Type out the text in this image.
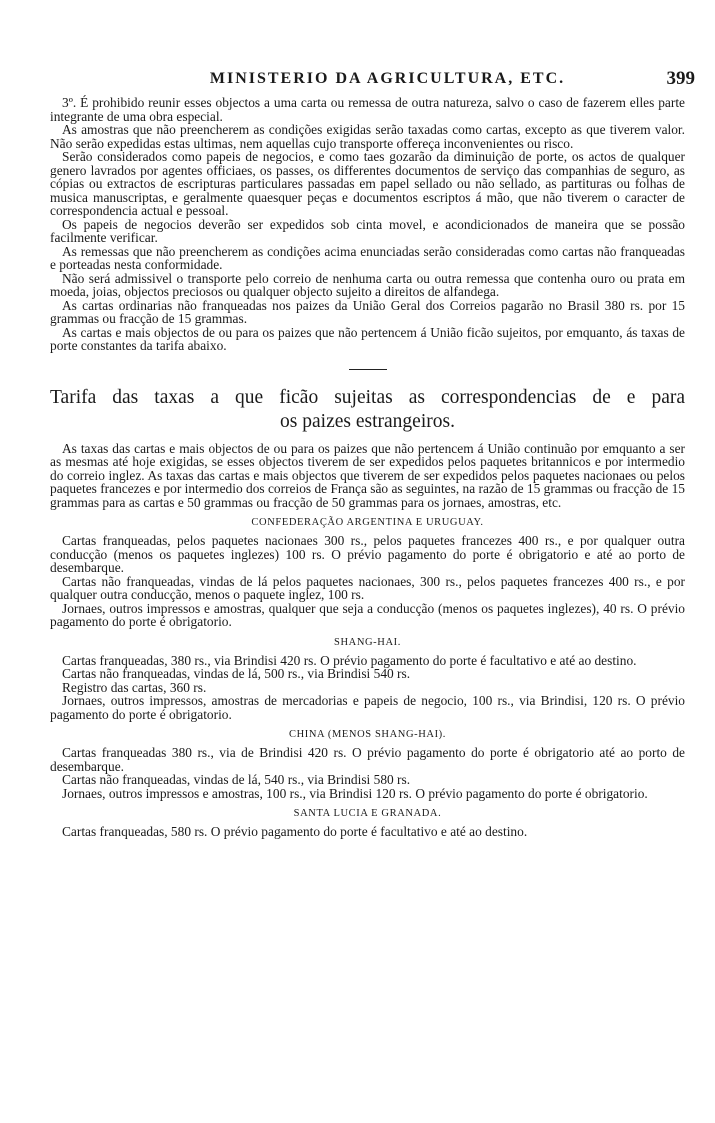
MINISTERIO DA AGRICULTURA, ETC.	399

3º. É prohibido reunir esses objectos a uma carta ou remessa de outra natureza, salvo o caso de fazerem elles parte integrante de uma obra especial.

As amostras que não preencherem as condições exigidas serão taxadas como cartas, excepto as que tiverem valor. Não serão expedidas estas ultimas, nem aquellas cujo transporte offereça inconvenientes ou risco.

Serão considerados como papeis de negocios, e como taes gozarão da diminuição de porte, os actos de qualquer genero lavrados por agentes officiaes, os passes, os differentes documentos de serviço das companhias de seguro, as cópias ou extractos de escripturas particulares passadas em papel sellado ou não sellado, as partituras ou folhas de musica manuscriptas, e geralmente quaesquer peças e documentos escriptos á mão, que não tiverem o caracter de correspondencia actual e pessoal.

Os papeis de negocios deverão ser expedidos sob cinta movel, e acondicionados de maneira que se possão facilmente verificar.

As remessas que não preencherem as condições acima enunciadas serão consideradas como cartas não franqueadas e porteadas nesta conformidade.

Não será admissivel o transporte pelo correio de nenhuma carta ou outra remessa que contenha ouro ou prata em moeda, joias, objectos preciosos ou qualquer objecto sujeito a direitos de alfandega.

As cartas ordinarias não franqueadas nos paizes da União Geral dos Correios pagarão no Brasil 380 rs. por 15 grammas ou fracção de 15 grammas.

As cartas e mais objectos de ou para os paizes que não pertencem á União ficão sujeitos, por emquanto, ás taxas de porte constantes da tarifa abaixo.

Tarifa das taxas a que ficão sujeitas as correspondencias de e para
os paizes estrangeiros.

As taxas das cartas e mais objectos de ou para os paizes que não pertencem á União continuão por emquanto a ser as mesmas até hoje exigidas, se esses objectos tiverem de ser expedidos pelos paquetes britannicos e por intermedio do correio inglez. As taxas das cartas e mais objectos que tiverem de ser expedidos pelos paquetes nacionaes ou pelos paquetes francezes e por intermedio dos correios de França são as seguintes, na razão de 15 grammas ou fracção de 15 grammas para as cartas e 50 grammas ou fracção de 50 grammas para os jornaes, amostras, etc.

CONFEDERAÇÃO ARGENTINA E URUGUAY.

Cartas franqueadas, pelos paquetes nacionaes 300 rs., pelos paquetes francezes 400 rs., e por qualquer outra conducção (menos os paquetes inglezes) 100 rs. O prévio pagamento do porte é obrigatorio e até ao porto de desembarque.

Cartas não franqueadas, vindas de lá pelos paquetes nacionaes, 300 rs., pelos paquetes francezes 400 rs., e por qualquer outra conducção, menos o paquete inglez, 100 rs.

Jornaes, outros impressos e amostras, qualquer que seja a conducção (menos os paquetes inglezes), 40 rs. O prévio pagamento do porte é obrigatorio.

SHANG-HAI.

Cartas franqueadas, 380 rs., via Brindisi 420 rs. O prévio pagamento do porte é facultativo e até ao destino.

Cartas não franqueadas, vindas de lá, 500 rs., via Brindisi 540 rs.

Registro das cartas, 360 rs.

Jornaes, outros impressos, amostras de mercadorias e papeis de negocio, 100 rs., via Brindisi, 120 rs. O prévio pagamento do porte é obrigatorio.

CHINA (MENOS SHANG-HAI).

Cartas franqueadas 380 rs., via de Brindisi 420 rs. O prévio pagamento do porte é obrigatorio até ao porto de desembarque.

Cartas não franqueadas, vindas de lá, 540 rs., via Brindisi 580 rs.

Jornaes, outros impressos e amostras, 100 rs., via Brindisi 120 rs. O prévio pagamento do porte é obrigatorio.

SANTA LUCIA E GRANADA.

Cartas franqueadas, 580 rs. O prévio pagamento do porte é facultativo e até ao destino.
